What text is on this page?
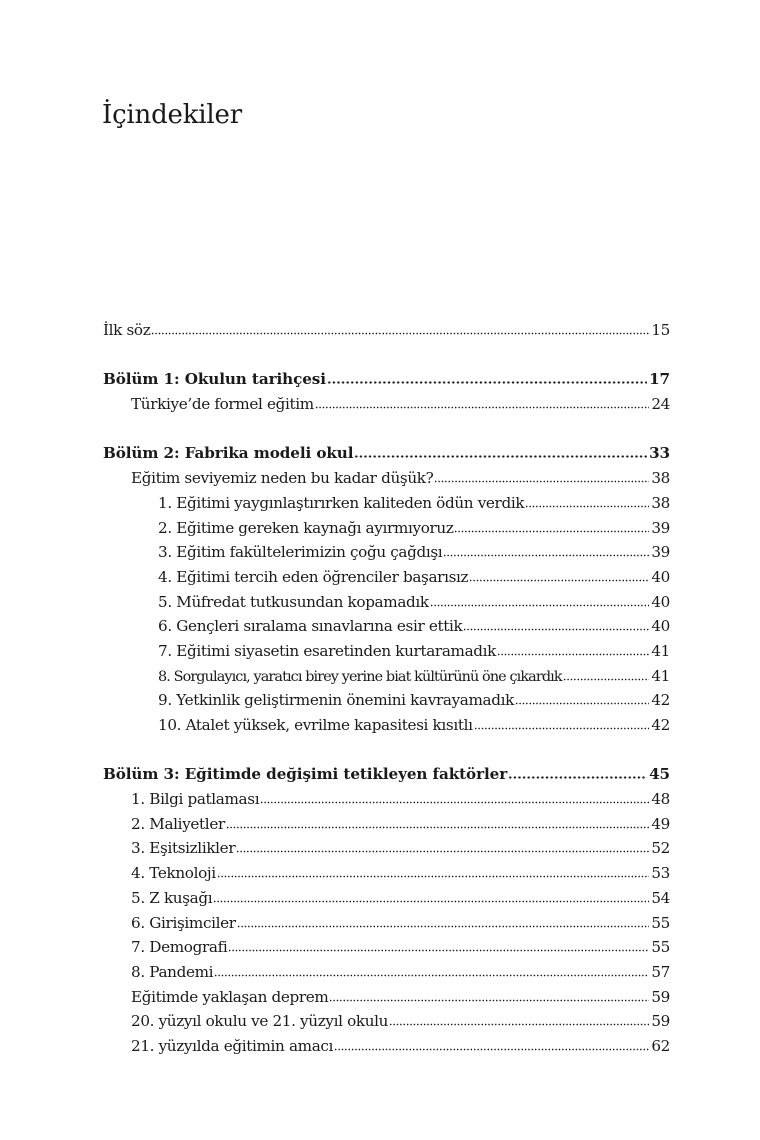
İçindekiler
İlk söz	15
Bölüm 1: Okulun tarihçesi	17
Türkiye’de formel eğitim	24
Bölüm 2: Fabrika modeli okul	33
Eğitim seviyemiz neden bu kadar düşük?	38
1. Eğitimi yaygınlaştırırken kaliteden ödün verdik	38
2. Eğitime gereken kaynağı ayırmıyoruz	39
3. Eğitim fakültelerimizin çoğu çağdışı	39
4. Eğitimi tercih eden öğrenciler başarısız	40
5. Müfredat tutkusundan kopamadık	40
6. Gençleri sıralama sınavlarına esir ettik	40
7. Eğitimi siyasetin esaretinden kurtaramadık	41
8. Sorgulayıcı, yaratıcı birey yerine biat kültürünü öne çıkardık	41
9. Yetkinlik geliştirmenin önemini kavrayamadık	42
10. Atalet yüksek, evrilme kapasitesi kısıtlı	42
Bölüm 3: Eğitimde değişimi tetikleyen faktörler	45
1. Bilgi patlaması	48
2. Maliyetler	49
3. Eşitsizlikler	52
4. Teknoloji	53
5. Z kuşağı	54
6. Girişimciler	55
7. Demografi	55
8. Pandemi	57
Eğitimde yaklaşan deprem	59
20. yüzyıl okulu ve 21. yüzyıl okulu	59
21. yüzyılda eğitimin amacı	62
